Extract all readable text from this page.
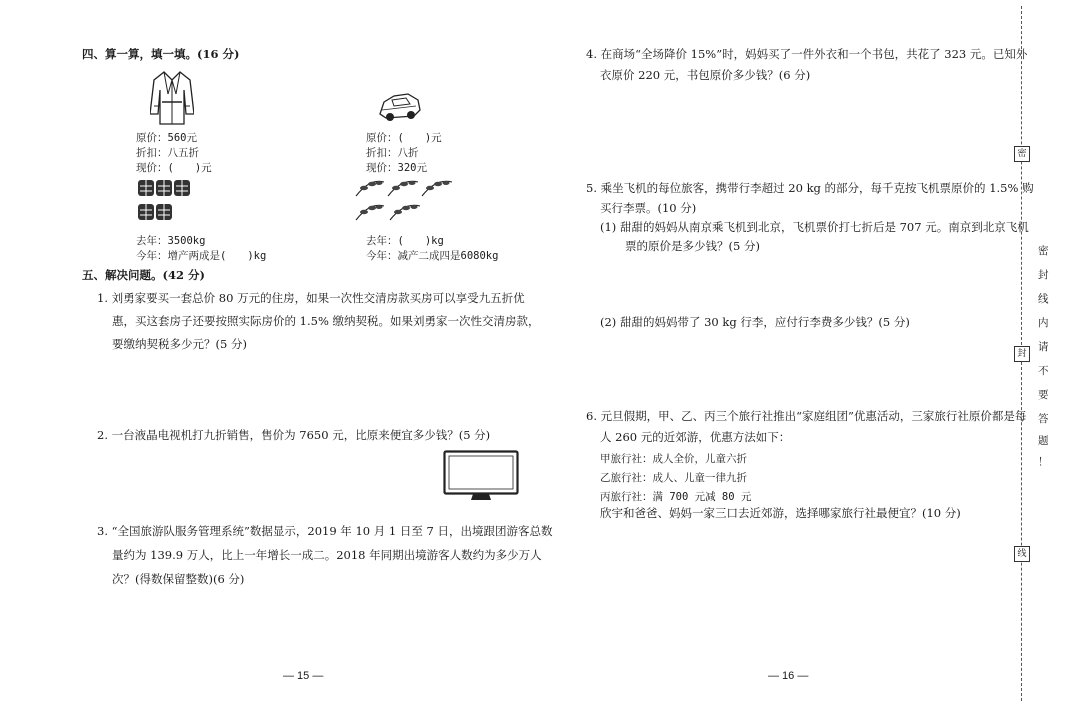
四、算一算，填一填。(16 分)
原价：560元
折扣：八五折
现价：(　　)元
原价：(　　)元
折扣：八折
现价：320元
去年：3500kg
今年：增产两成是(　　)kg
去年：(　　)kg
今年：减产二成四是6080kg
五、解决问题。(42 分)
1. 刘勇家要买一套总价 80 万元的住房，如果一次性交清房款买房可以享受九五折优
惠，买这套房子还要按照实际房价的 1.5% 缴纳契税。如果刘勇家一次性交清房款，
要缴纳契税多少元？(5 分)
2. 一台液晶电视机打九折销售，售价为 7650 元，比原来便宜多少钱？(5 分)
3. “全国旅游队服务管理系统”数据显示，2019 年 10 月 1 日至 7 日，出境跟团游客总数
量约为 139.9 万人，比上一年增长一成二。2018 年同期出境游客人数约为多少万人
次？(得数保留整数)(6 分)
— 15 —
4. 在商场“全场降价 15%”时，妈妈买了一件外衣和一个书包，共花了 323 元。已知外
衣原价 220 元，书包原价多少钱？(6 分)
5. 乘坐飞机的每位旅客，携带行李超过 20 kg 的部分，每千克按飞机票原价的 1.5% 购
买行李票。(10 分)
(1) 甜甜的妈妈从南京乘飞机到北京，飞机票价打七折后是 707 元。南京到北京飞机
票的原价是多少钱？(5 分)
(2) 甜甜的妈妈带了 30 kg 行李，应付行李费多少钱？(5 分)
6. 元旦假期，甲、乙、丙三个旅行社推出“家庭组团”优惠活动，三家旅行社原价都是每
人 260 元的近郊游，优惠方法如下：
甲旅行社：成人全价，儿童六折
乙旅行社：成人、儿童一律九折
丙旅行社：满 700 元减 80 元
欣宇和爸爸、妈妈一家三口去近郊游，选择哪家旅行社最便宜？(10 分)
— 16 —
密
封
线
密
封
线
内
请
不
要
答
题
！
